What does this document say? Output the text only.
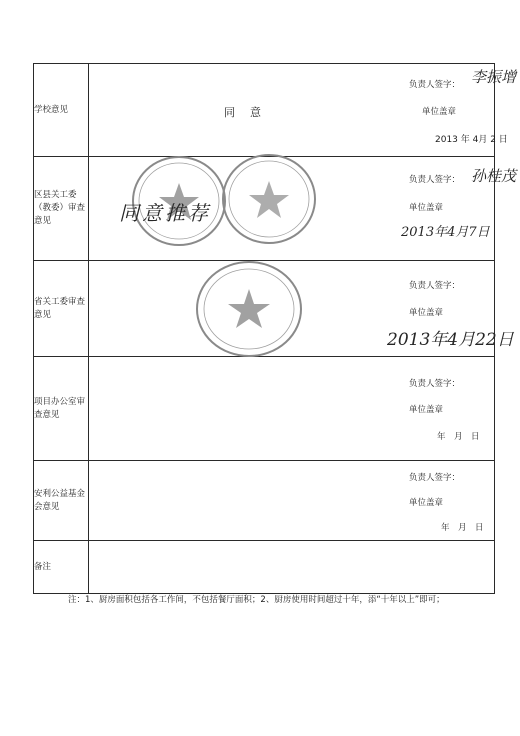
学校意见	同　意
负责人签字： 李振增
单位盖章
2013 年 4月 2 日

区县关工委（教委）审查意见	同意推荐
负责人签字： 孙桂茂
单位盖章
2013年4月7日

省关工委审查意见	负责人签字：
单位盖章
2013年4月22日

项目办公室审查意见	负责人签字：
单位盖章
年　月　日

安利公益基金会意见	负责人签字：
单位盖章
年　月　日

备注	
注：1、厨房面积包括各工作间，不包括餐厅面积；2、厨房使用时间超过十年，添“十年以上”即可；
